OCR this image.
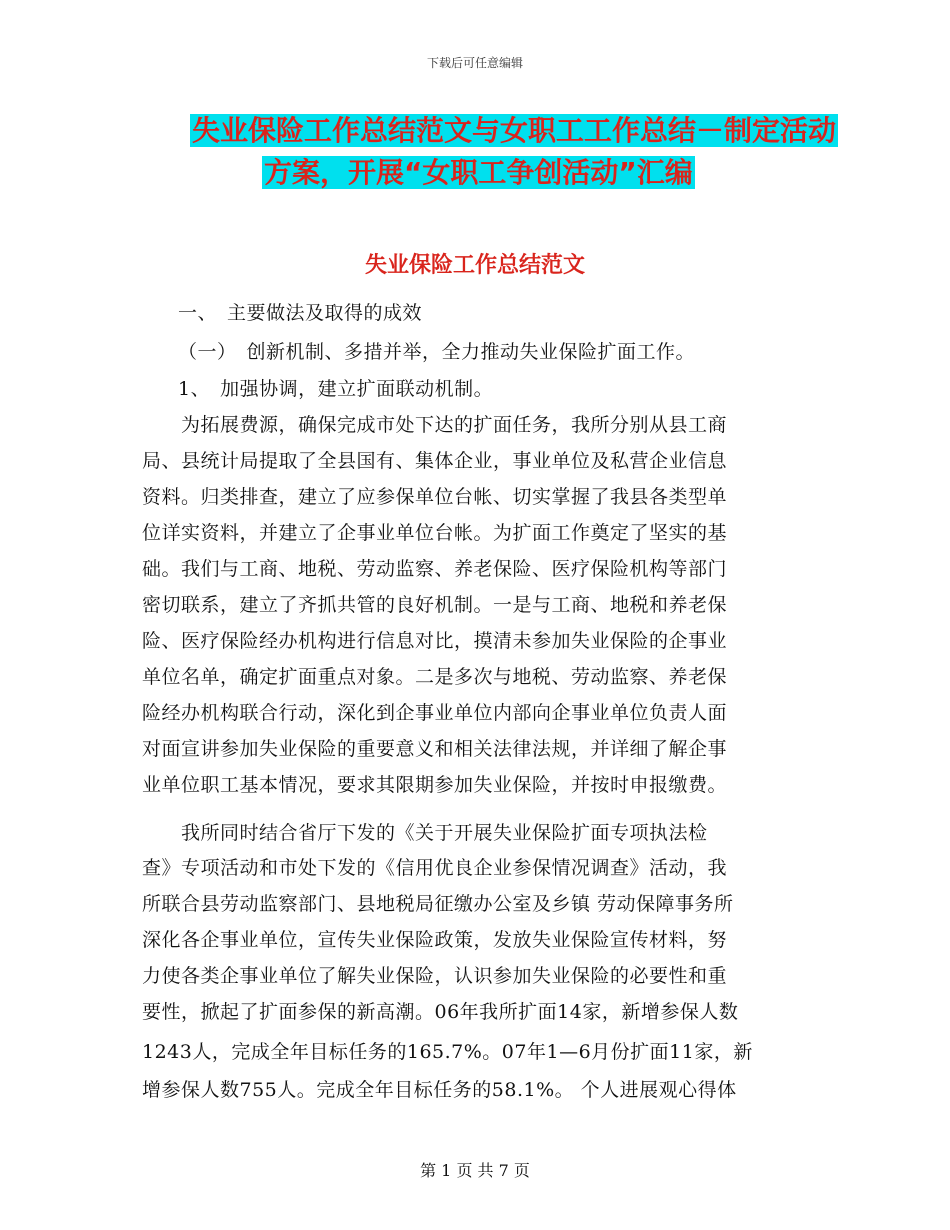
下载后可任意编辑
失业保险工作总结范文与女职工工作总结－制定活动
方案，开展“女职工争创活动”汇编
失业保险工作总结范文
一、　主要做法及取得的成效
（一）　创新机制、多措并举，全力推动失业保险扩面工作。
1、　加强协调，建立扩面联动机制。
　　为拓展费源，确保完成市处下达的扩面任务，我所分别从县工商
局、县统计局提取了全县国有、集体企业，事业单位及私营企业信息
资料。归类排查，建立了应参保单位台帐、切实掌握了我县各类型单
位详实资料，并建立了企事业单位台帐。为扩面工作奠定了坚实的基
础。我们与工商、地税、劳动监察、养老保险、医疗保险机构等部门
密切联系，建立了齐抓共管的良好机制。一是与工商、地税和养老保
险、医疗保险经办机构进行信息对比，摸清未参加失业保险的企事业
单位名单，确定扩面重点对象。二是多次与地税、劳动监察、养老保
险经办机构联合行动，深化到企事业单位内部向企事业单位负责人面
对面宣讲参加失业保险的重要意义和相关法律法规，并详细了解企事
业单位职工基本情况，要求其限期参加失业保险，并按时申报缴费。
　　我所同时结合省厅下发的《关于开展失业保险扩面专项执法检
查》专项活动和市处下发的《信用优良企业参保情况调查》活动，我
所联合县劳动监察部门、县地税局征缴办公室及乡镇 劳动保障事务所
深化各企事业单位，宣传失业保险政策，发放失业保险宣传材料，努
力使各类企事业单位了解失业保险，认识参加失业保险的必要性和重
要性，掀起了扩面参保的新高潮。06年我所扩面14家，新增参保人数
1243人，完成全年目标任务的165.7%。07年1—6月份扩面11家，新
增参保人数755人。完成全年目标任务的58.1%。 个人进展观心得体
第 1 页 共 7 页
